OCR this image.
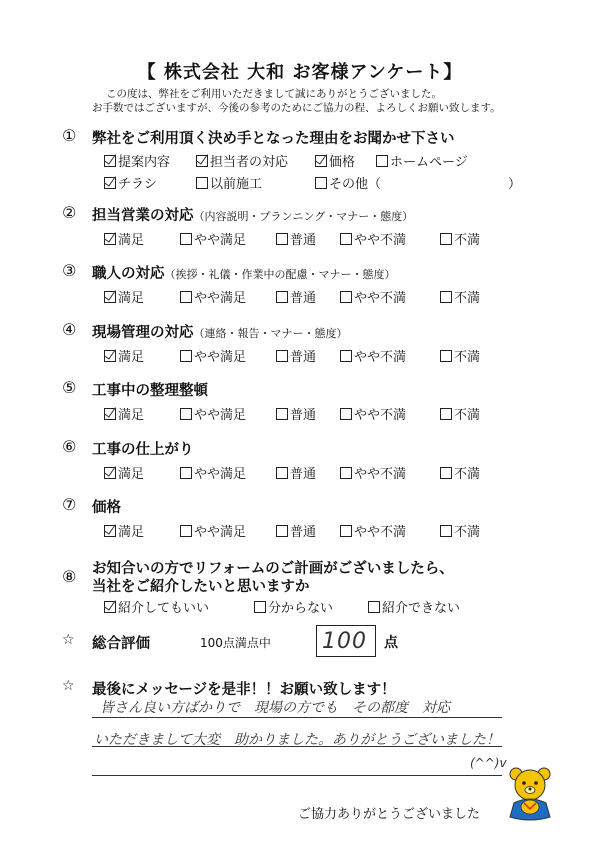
【 株式会社 大和 お客様アンケート】
この度は、弊社をご利用いただきまして誠にありがとうございました。
お手数ではございますが、今後の参考のためにご協力の程、よろしくお願い致します。
① 弊社をご利用頂く決め手となった理由をお聞かせ下さい
）
⑧ お知合いの方でリフォームのご計画がございましたら、
当社をご紹介したいと思いますか
☆ 総合評価	100点満点中 100 点
☆ 最後にメッセージを是非！！お願い致します！
皆さん良い方ばかりで　現場の方でも　その都度　対応
いただきまして大変　助かりました。ありがとうございました！
(^^)v
ご協力ありがとうございました
提案内容	担当者の対応	価格	ホームページ
チラシ	以前施工	その他（
② 担当営業の対応（内容説明・プランニング・マナー・態度）
満足	やや満足	普通	やや不満	不満
③ 職人の対応（挨拶・礼儀・作業中の配慮・マナー・態度）
満足	やや満足	普通	やや不満	不満
④ 現場管理の対応（連絡・報告・マナー・態度）
満足	やや満足	普通	やや不満	不満
⑤ 工事中の整理整頓
満足	やや満足	普通	やや不満	不満
⑥ 工事の仕上がり
満足	やや満足	普通	やや不満	不満
⑦ 価格
満足	やや満足	普通	やや不満	不満
紹介してもいい	分からない	紹介できない
